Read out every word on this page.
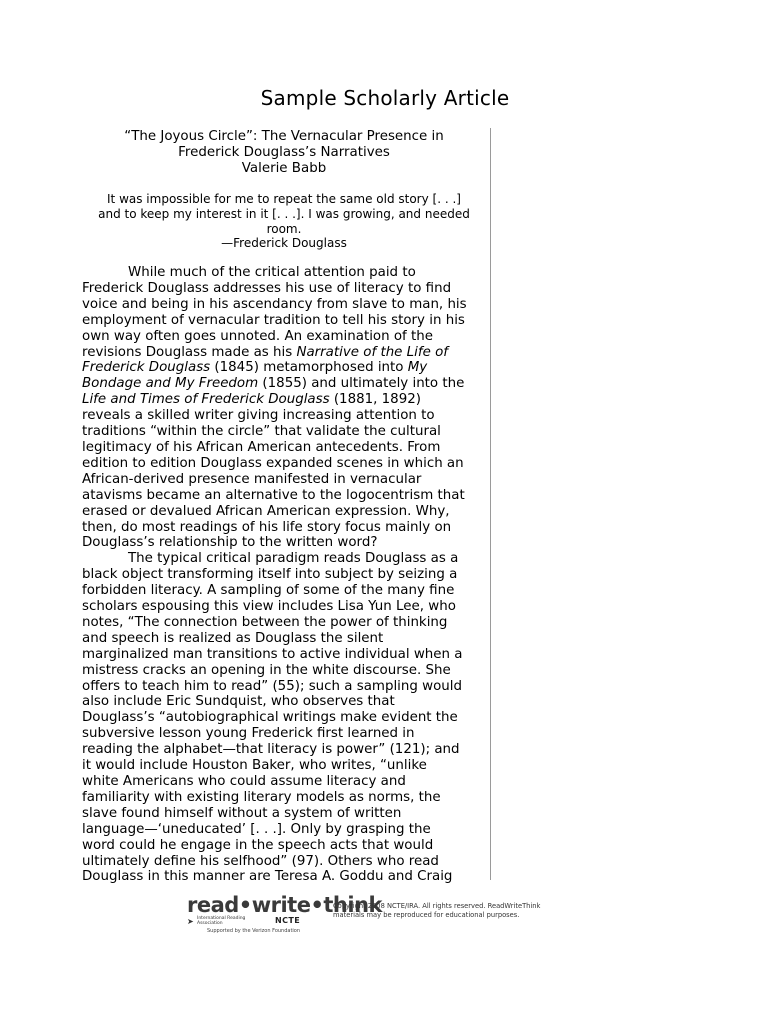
Sample Scholarly Article
“The Joyous Circle”: The Vernacular Presence in
Frederick Douglass’s Narratives
Valerie Babb
It was impossible for me to repeat the same old story [. . .]
and to keep my interest in it [. . .]. I was growing, and needed
room.
—Frederick Douglass
While much of the critical attention paid to
Frederick Douglass addresses his use of literacy to find
voice and being in his ascendancy from slave to man, his
employment of vernacular tradition to tell his story in his
own way often goes unnoted. An examination of the
revisions Douglass made as his Narrative of the Life of
Frederick Douglass (1845) metamorphosed into My
Bondage and My Freedom (1855) and ultimately into the
Life and Times of Frederick Douglass (1881, 1892)
reveals a skilled writer giving increasing attention to
traditions “within the circle” that validate the cultural
legitimacy of his African American antecedents. From
edition to edition Douglass expanded scenes in which an
African-derived presence manifested in vernacular
atavisms became an alternative to the logocentrism that
erased or devalued African American expression. Why,
then, do most readings of his life story focus mainly on
Douglass’s relationship to the written word?
The typical critical paradigm reads Douglass as a
black object transforming itself into subject by seizing a
forbidden literacy. A sampling of some of the many fine
scholars espousing this view includes Lisa Yun Lee, who
notes, “The connection between the power of thinking
and speech is realized as Douglass the silent
marginalized man transitions to active individual when a
mistress cracks an opening in the white discourse. She
offers to teach him to read” (55); such a sampling would
also include Eric Sundquist, who observes that
Douglass’s “autobiographical writings make evident the
subversive lesson young Frederick first learned in
reading the alphabet—that literacy is power” (121); and
it would include Houston Baker, who writes, “unlike
white Americans who could assume literacy and
familiarity with existing literary models as norms, the
slave found himself without a system of written
language—‘uneducated’ [. . .]. Only by grasping the
word could he engage in the speech acts that would
ultimately define his selfhood” (97). Others who read
Douglass in this manner are Teresa A. Goddu and Craig
read•write•think
➤ International Reading Association	NCTE
Supported by the Verizon Foundation
Copyright 2008 NCTE/IRA. All rights reserved. ReadWriteThink
materials may be reproduced for educational purposes.
